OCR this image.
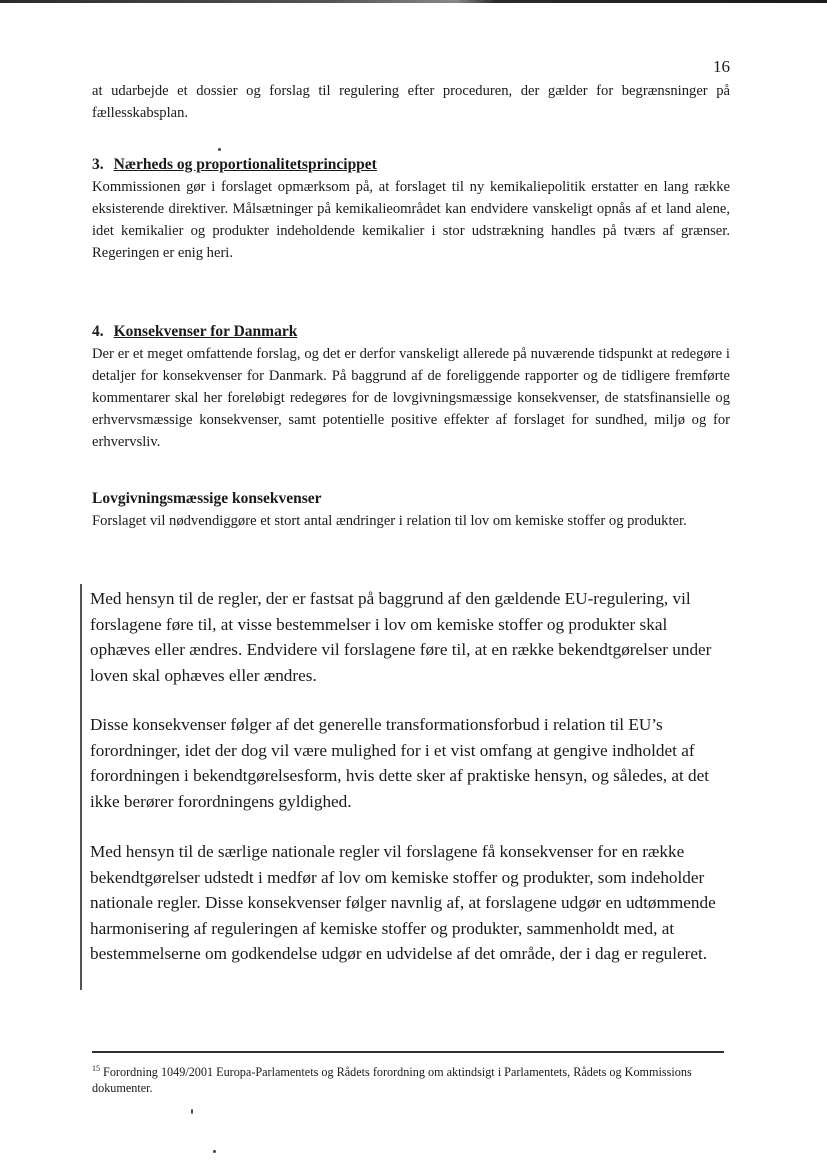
16

at udarbejde et dossier og forslag til regulering efter proceduren, der gælder for begrænsninger på fællesskabsplan.

3. Nærheds og proportionalitetsprincippet

Kommissionen gør i forslaget opmærksom på, at forslaget til ny kemikaliepolitik erstatter en lang række eksisterende direktiver. Målsætninger på kemikalieområdet kan endvidere vanskeligt opnås af et land alene, idet kemikalier og produkter indeholdende kemikalier i stor udstrækning handles på tværs af grænser. Regeringen er enig heri.

4. Konsekvenser for Danmark

Der er et meget omfattende forslag, og det er derfor vanskeligt allerede på nuværende tidspunkt at redegøre i detaljer for konsekvenser for Danmark. På baggrund af de foreliggende rapporter og de tidligere fremførte kommentarer skal her foreløbigt redegøres for de lovgivningsmæssige konsekvenser, de statsfinansielle og erhvervsmæssige konsekvenser, samt potentielle positive effekter af forslaget for sundhed, miljø og for erhvervsliv.

Lovgivningsmæssige konsekvenser

Forslaget vil nødvendiggøre et stort antal ændringer i relation til lov om kemiske stoffer og produkter.

Med hensyn til de regler, der er fastsat på baggrund af den gældende EU-regulering, vil forslagene føre til, at visse bestemmelser i lov om kemiske stoffer og produkter skal ophæves eller ændres. Endvidere vil forslagene føre til, at en række bekendtgørelser under loven skal ophæves eller ændres.

Disse konsekvenser følger af det generelle transformationsforbud i relation til EU’s forordninger, idet der dog vil være mulighed for i et vist omfang at gengive indholdet af forordningen i bekendtgørelsesform, hvis dette sker af praktiske hensyn, og således, at det ikke berører forordningens gyldighed.

Med hensyn til de særlige nationale regler vil forslagene få konsekvenser for en række bekendtgørelser udstedt i medfør af lov om kemiske stoffer og produkter, som indeholder nationale regler. Disse konsekvenser følger navnlig af, at forslagene udgør en udtømmende harmonisering af reguleringen af kemiske stoffer og produkter, sammenholdt med, at bestemmelserne om godkendelse udgør en udvidelse af det område, der i dag er reguleret.

$^{15}$ Forordning 1049/2001 Europa-Parlamentets og Rådets forordning om aktindsigt i Parlamentets, Rådets og Kommissions dokumenter.
